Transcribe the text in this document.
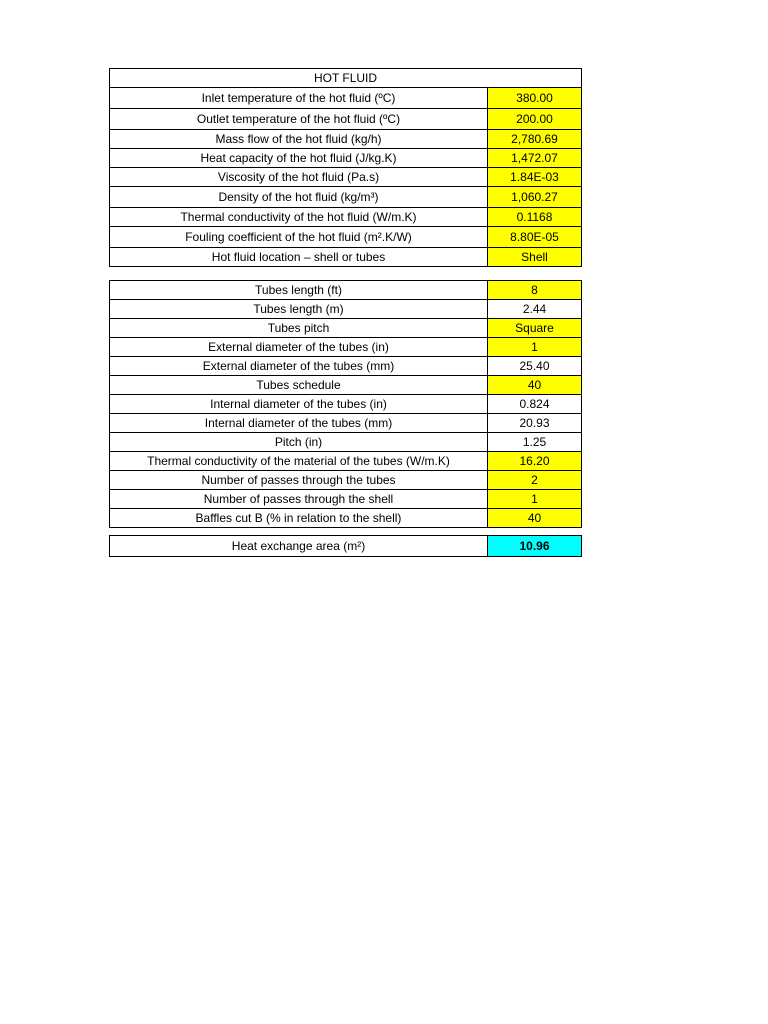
HOT FLUID	
Inlet temperature of the hot fluid (ºC)	380.00
Outlet temperature of the hot fluid (ºC)	200.00
Mass flow of the hot fluid (kg/h)	2,780.69
Heat capacity of the hot fluid (J/kg.K)	1,472.07
Viscosity of the hot fluid (Pa.s)	1.84E-03
Density of the hot fluid (kg/m³)	1,060.27
Thermal conductivity of the hot fluid (W/m.K)	0.1168
Fouling coefficient of the hot fluid (m².K/W)	8.80E-05
Hot fluid location – shell or tubes	Shell
Tubes length (ft)	8
Tubes length (m)	2.44
Tubes pitch	Square
External diameter of the tubes (in)	1
External diameter of the tubes (mm)	25.40
Tubes schedule	40
Internal diameter of the tubes (in)	0.824
Internal diameter of the tubes (mm)	20.93
Pitch (in)	1.25
Thermal conductivity of the material of the tubes (W/m.K)	16.20
Number of passes through the tubes	2
Number of passes through the shell	1
Baffles cut B (% in relation to the shell)	40
Heat exchange area (m²)	10.96
